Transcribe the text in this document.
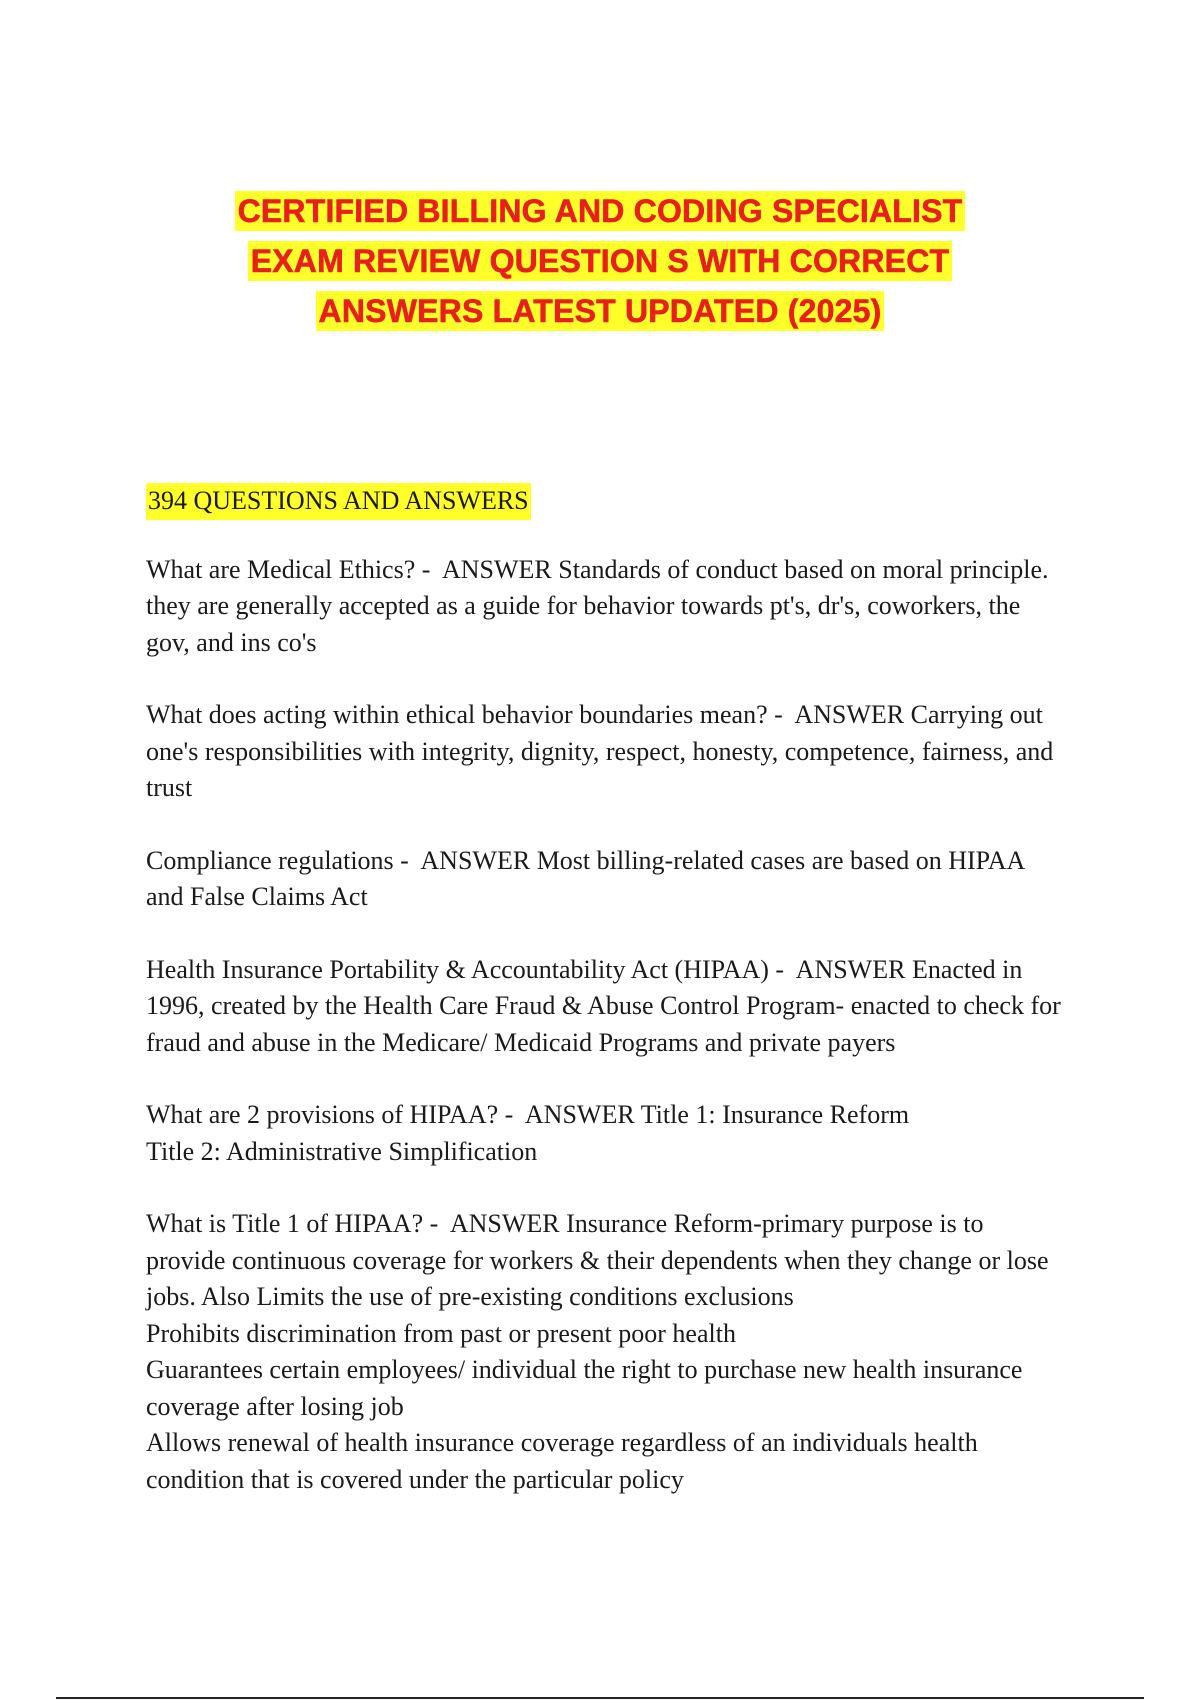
CERTIFIED BILLING AND CODING SPECIALIST
EXAM REVIEW QUESTION S WITH CORRECT
ANSWERS LATEST UPDATED (2025)
394 QUESTIONS AND ANSWERS
What are Medical Ethics? - ANSWER Standards of conduct based on moral principle. they are generally accepted as a guide for behavior towards pt's, dr's, coworkers, the gov, and ins co's
What does acting within ethical behavior boundaries mean? - ANSWER Carrying out one's responsibilities with integrity, dignity, respect, honesty, competence, fairness, and trust
Compliance regulations - ANSWER Most billing-related cases are based on HIPAA and False Claims Act
Health Insurance Portability & Accountability Act (HIPAA) - ANSWER Enacted in 1996, created by the Health Care Fraud & Abuse Control Program- enacted to check for fraud and abuse in the Medicare/ Medicaid Programs and private payers
What are 2 provisions of HIPAA? - ANSWER Title 1: Insurance Reform
Title 2: Administrative Simplification
What is Title 1 of HIPAA? - ANSWER Insurance Reform-primary purpose is to provide continuous coverage for workers & their dependents when they change or lose jobs. Also Limits the use of pre-existing conditions exclusions
Prohibits discrimination from past or present poor health
Guarantees certain employees/ individual the right to purchase new health insurance coverage after losing job
Allows renewal of health insurance coverage regardless of an individuals health condition that is covered under the particular policy
